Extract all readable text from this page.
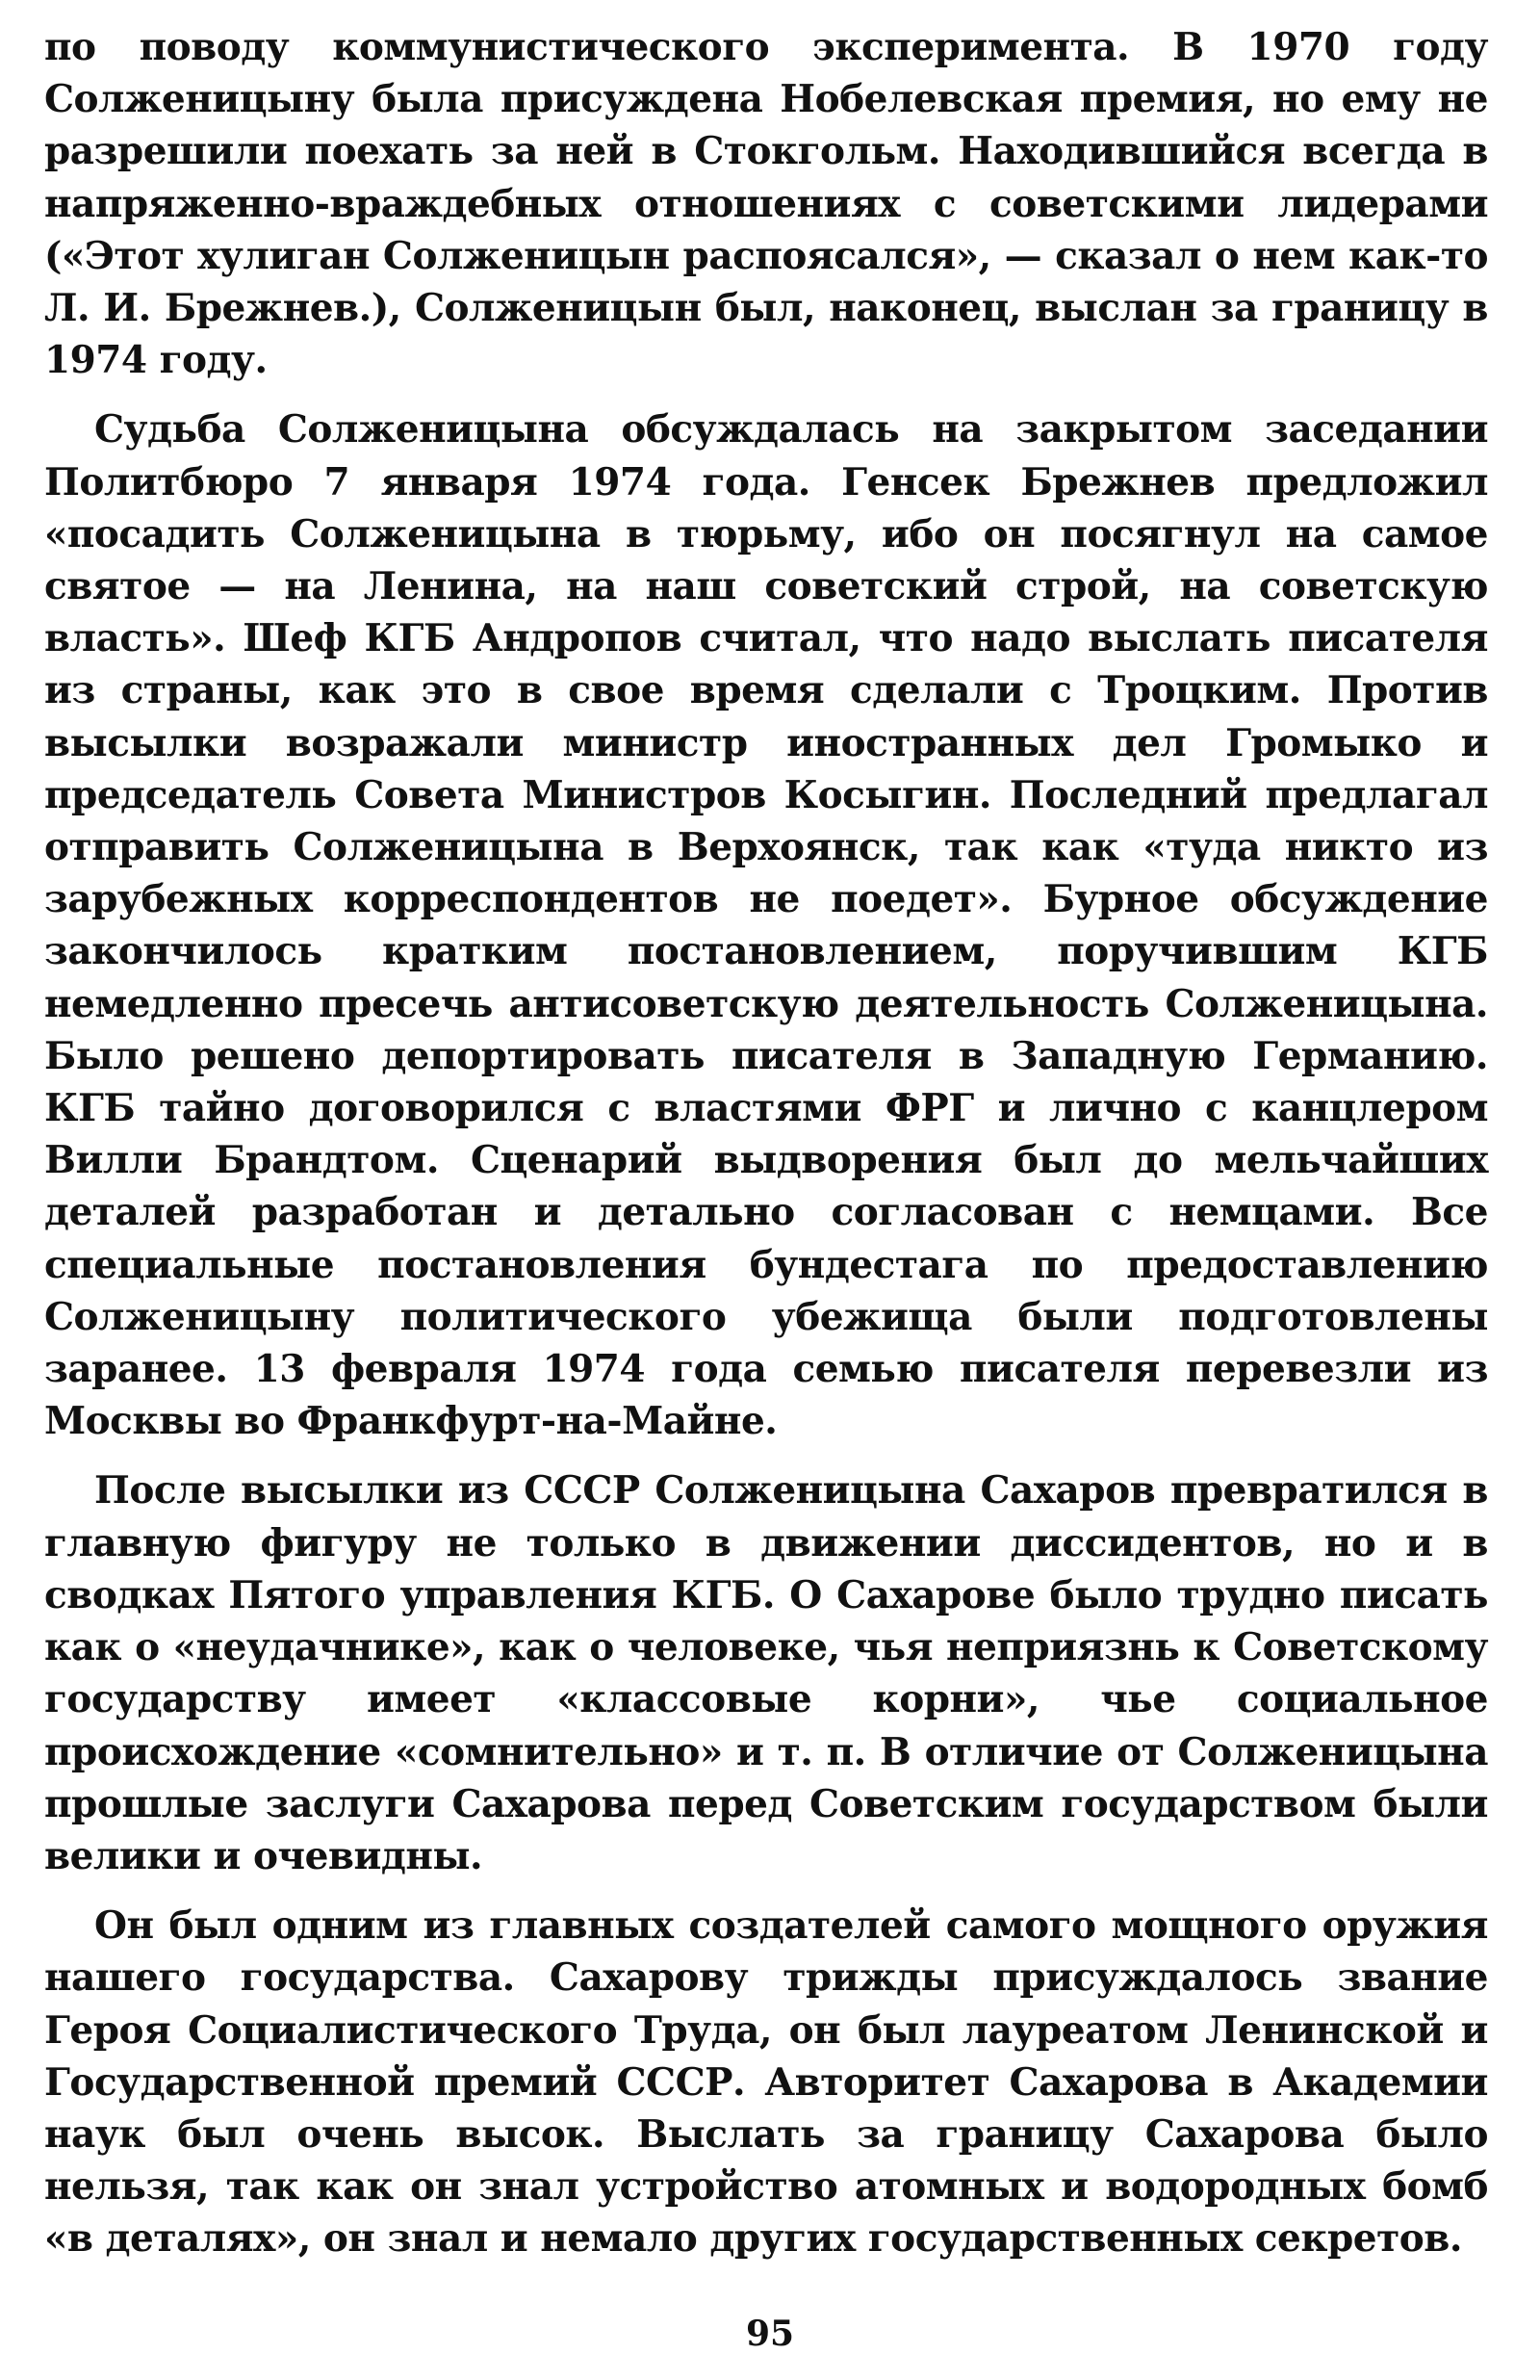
по поводу коммунистического эксперимента. В 1970 году Солженицыну была присуждена Нобелевская премия, но ему не разрешили поехать за ней в Стокгольм. Находившийся всегда в напряженно-враждебных отношениях с советскими лидерами («Этот хулиган Солженицын распоясался», — сказал о нем как-то Л. И. Брежнев.), Солженицын был, наконец, выслан за границу в 1974 году.

Судьба Солженицына обсуждалась на закрытом заседании Политбюро 7 января 1974 года. Генсек Брежнев предложил «посадить Солженицына в тюрьму, ибо он посягнул на самое святое — на Ленина, на наш советский строй, на советскую власть». Шеф КГБ Андропов считал, что надо выслать писателя из страны, как это в свое время сделали с Троцким. Против высылки возражали министр иностранных дел Громыко и председатель Совета Министров Косыгин. Последний предлагал отправить Солженицына в Верхоянск, так как «туда никто из зарубежных корреспондентов не поедет». Бурное обсуждение закончилось кратким постановлением, поручившим КГБ немедленно пресечь антисоветскую деятельность Солженицына. Было решено депортировать писателя в Западную Германию. КГБ тайно договорился с властями ФРГ и лично с канцлером Вилли Брандтом. Сценарий выдворения был до мельчайших деталей разработан и детально согласован с немцами. Все специальные постановления бундестага по предоставлению Солженицыну политического убежища были подготовлены заранее. 13 февраля 1974 года семью писателя перевезли из Москвы во Франкфурт-на-Майне.

После высылки из СССР Солженицына Сахаров превратился в главную фигуру не только в движении диссидентов, но и в сводках Пятого управления КГБ. О Сахарове было трудно писать как о «неудачнике», как о человеке, чья неприязнь к Советскому государству имеет «классовые корни», чье социальное происхождение «сомнительно» и т. п. В отличие от Солженицына прошлые заслуги Сахарова перед Советским государством были велики и очевидны.

Он был одним из главных создателей самого мощного оружия нашего государства. Сахарову трижды присуждалось звание Героя Социалистического Труда, он был лауреатом Ленинской и Государственной премий СССР. Авторитет Сахарова в Академии наук был очень высок. Выслать за границу Сахарова было нельзя, так как он знал устройство атомных и водородных бомб «в деталях», он знал и немало других государственных секретов.

95
